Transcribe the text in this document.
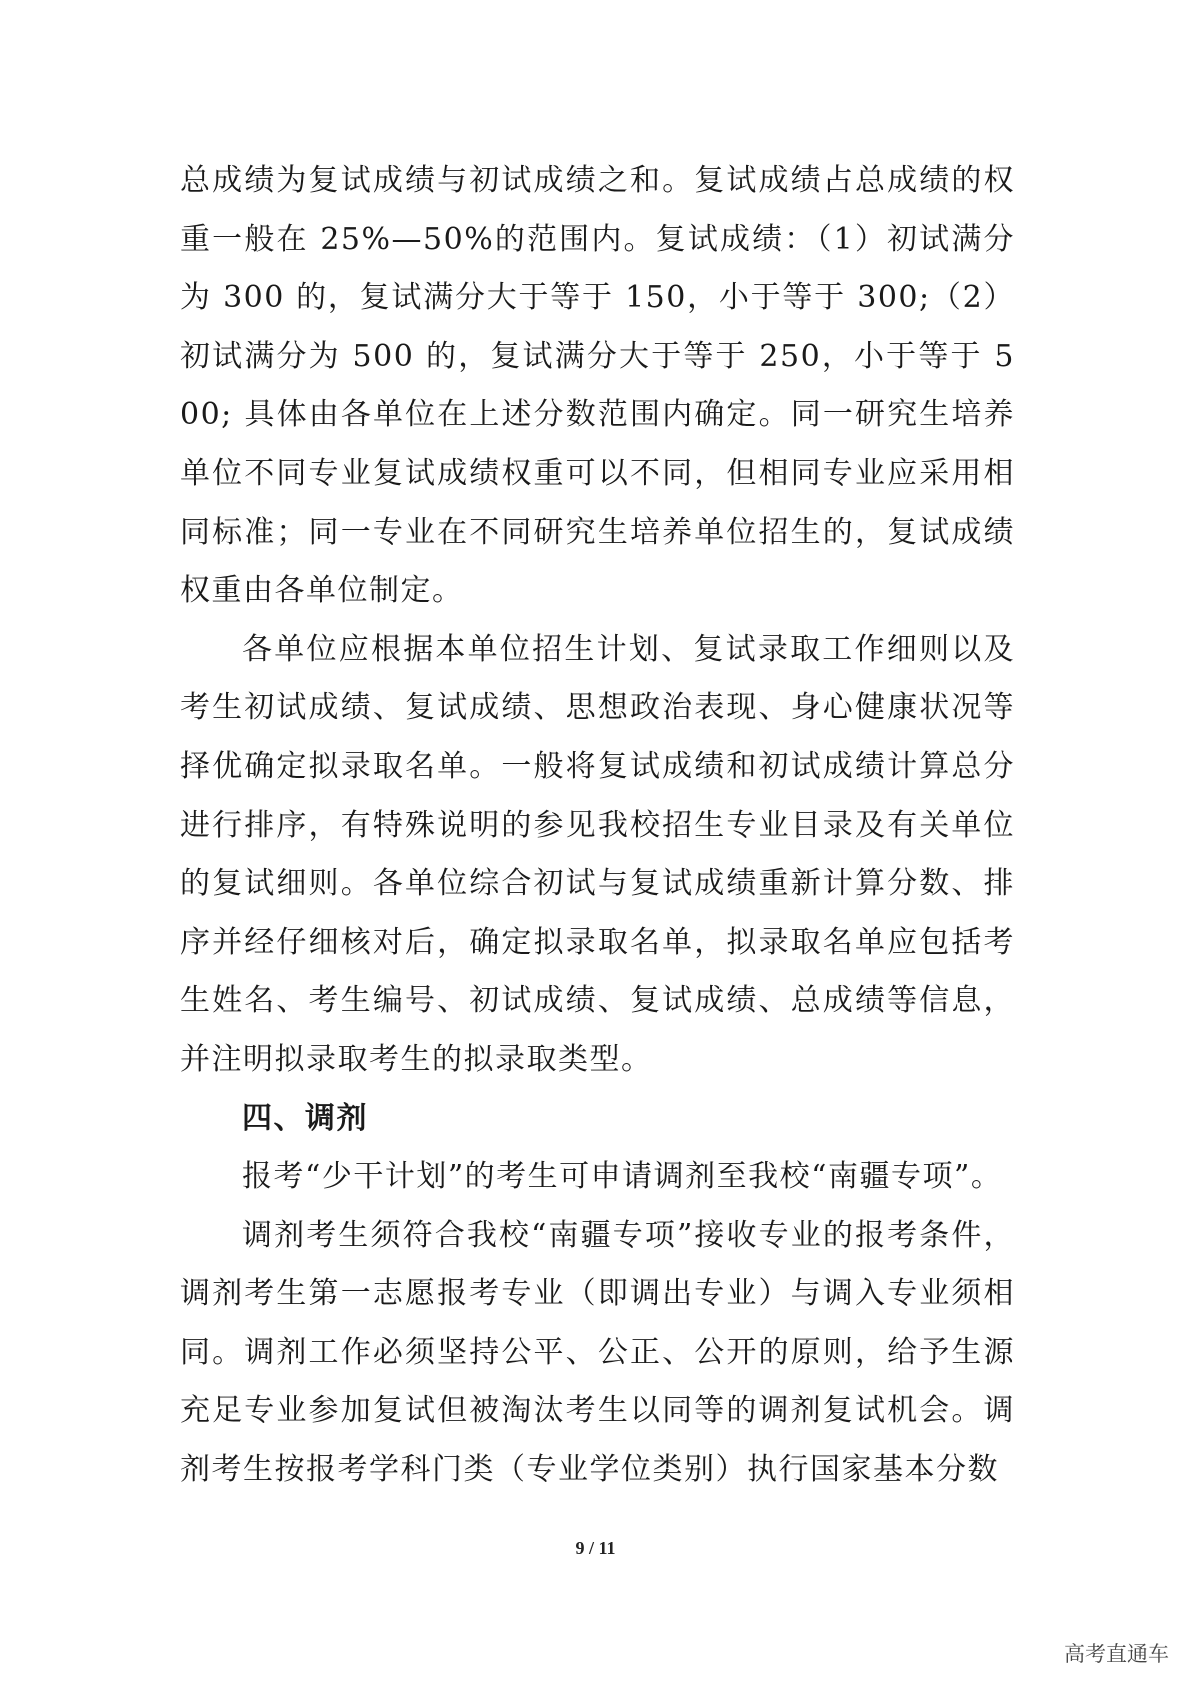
总成绩为复试成绩与初试成绩之和。复试成绩占总成绩的权重一般在 25%—50%的范围内。复试成绩：（1）初试满分为 300 的，复试满分大于等于 150，小于等于 300;（2）初试满分为 500 的，复试满分大于等于 250，小于等于 500; 具体由各单位在上述分数范围内确定。同一研究生培养单位不同专业复试成绩权重可以不同，但相同专业应采用相同标准；同一专业在不同研究生培养单位招生的，复试成绩权重由各单位制定。

各单位应根据本单位招生计划、复试录取工作细则以及考生初试成绩、复试成绩、思想政治表现、身心健康状况等择优确定拟录取名单。一般将复试成绩和初试成绩计算总分进行排序，有特殊说明的参见我校招生专业目录及有关单位的复试细则。各单位综合初试与复试成绩重新计算分数、排序并经仔细核对后，确定拟录取名单，拟录取名单应包括考生姓名、考生编号、初试成绩、复试成绩、总成绩等信息，并注明拟录取考生的拟录取类型。

四、调剂

报考“少干计划”的考生可申请调剂至我校“南疆专项”。

调剂考生须符合我校“南疆专项”接收专业的报考条件，调剂考生第一志愿报考专业（即调出专业）与调入专业须相同。调剂工作必须坚持公平、公正、公开的原则，给予生源充足专业参加复试但被淘汰考生以同等的调剂复试机会。调剂考生按报考学科门类（专业学位类别）执行国家基本分数

9 / 11
高考直通车
